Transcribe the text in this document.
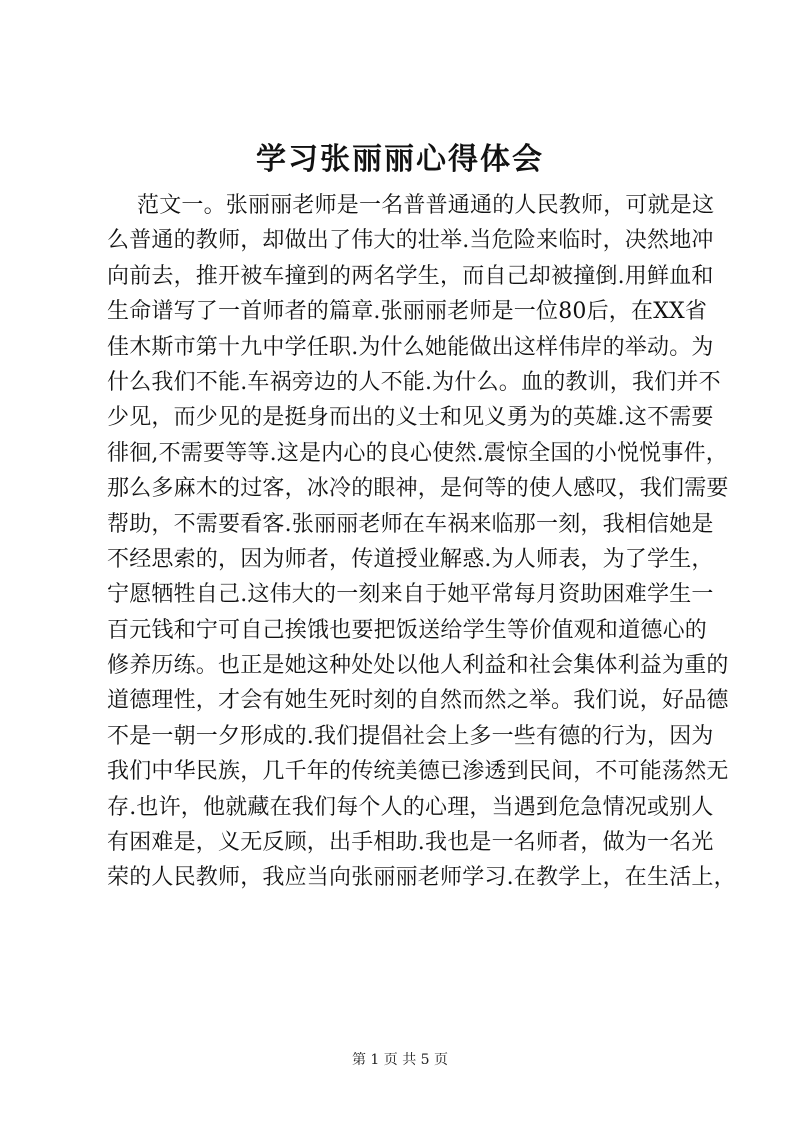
学习张丽丽心得体会
范文一。张丽丽老师是一名普普通通的人民教师，可就是这
么普通的教师，却做出了伟大的壮举.当危险来临时，决然地冲
向前去，推开被车撞到的两名学生，而自己却被撞倒.用鲜血和
生命谱写了一首师者的篇章.张丽丽老师是一位80后，在XX省
佳木斯市第十九中学任职.为什么她能做出这样伟岸的举动。为
什么我们不能.车祸旁边的人不能.为什么。血的教训，我们并不
少见，而少见的是挺身而出的义士和见义勇为的英雄.这不需要
徘徊,不需要等等.这是内心的良心使然.震惊全国的小悦悦事件，
那么多麻木的过客，冰冷的眼神，是何等的使人感叹，我们需要
帮助，不需要看客.张丽丽老师在车祸来临那一刻，我相信她是
不经思索的，因为师者，传道授业解惑.为人师表，为了学生，
宁愿牺牲自己.这伟大的一刻来自于她平常每月资助困难学生一
百元钱和宁可自己挨饿也要把饭送给学生等价值观和道德心的
修养历练。也正是她这种处处以他人利益和社会集体利益为重的
道德理性，才会有她生死时刻的自然而然之举。我们说，好品德
不是一朝一夕形成的.我们提倡社会上多一些有德的行为，因为
我们中华民族，几千年的传统美德已渗透到民间，不可能荡然无
存.也许，他就藏在我们每个人的心理，当遇到危急情况或别人
有困难是，义无反顾，出手相助.我也是一名师者，做为一名光
荣的人民教师，我应当向张丽丽老师学习.在教学上，在生活上，
第 1 页 共 5 页
